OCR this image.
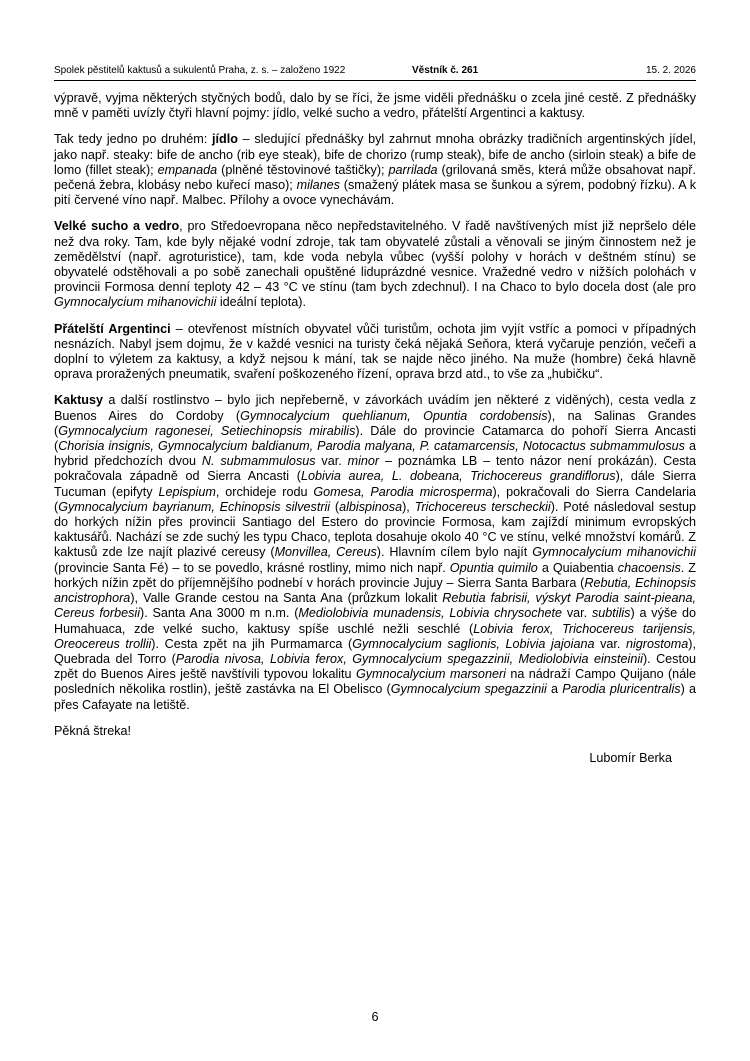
Spolek pěstitelů kaktusů a sukulentů Praha, z. s. – založeno 1922	Věstník č. 261	15. 2. 2026

výpravě, vyjma některých styčných bodů, dalo by se říci, že jsme viděli přednášku o zcela jiné cestě. Z přednášky mně v paměti uvízly čtyři hlavní pojmy: jídlo, velké sucho a vedro, přátelští Argentinci a kaktusy.

Tak tedy jedno po druhém: jídlo – sledující přednášky byl zahrnut mnoha obrázky tradičních argentinských jídel, jako např. steaky: bife de ancho (rib eye steak), bife de chorizo (rump steak), bife de ancho (sirloin steak) a bife de lomo (fillet steak); empanada (plněné těstovinové taštičky); parrilada (grilovaná směs, která může obsahovat např. pečená žebra, klobásy nebo kuřecí maso); milanes (smažený plátek masa se šunkou a sýrem, podobný řízku). A k pití červené víno např. Malbec. Přílohy a ovoce vynechávám.

Velké sucho a vedro, pro Středoevropana něco nepředstavitelného. V řadě navštívených míst již nepršelo déle než dva roky. Tam, kde byly nějaké vodní zdroje, tak tam obyvatelé zůstali a věnovali se jiným činnostem než je zemědělství (např. agroturistice), tam, kde voda nebyla vůbec (vyšší polohy v horách v deštném stínu) se obyvatelé odstěhovali a po sobě zanechali opuštěné liduprázdné vesnice. Vražedné vedro v nižších polohách v provincii Formosa denní teploty 42 – 43 °C ve stínu (tam bych zdechnul). I na Chaco to bylo docela dost (ale pro Gymnocalycium mihanovichii ideální teplota).

Přátelští Argentinci – otevřenost místních obyvatel vůči turistům, ochota jim vyjít vstříc a pomoci v případných nesnázích. Nabyl jsem dojmu, že v každé vesnici na turisty čeká nějaká Seňora, která vyčaruje penzión, večeři a doplní to výletem za kaktusy, a když nejsou k mání, tak se najde něco jiného. Na muže (hombre) čeká hlavně oprava proražených pneumatik, svaření poškozeného řízení, oprava brzd atd., to vše za „hubičku“.

Kaktusy a další rostlinstvo – bylo jich nepřeberně, v závorkách uvádím jen některé z viděných), cesta vedla z Buenos Aires do Cordoby (Gymnocalycium quehlianum, Opuntia cordobensis), na Salinas Grandes (Gymnocalycium ragonesei, Setiechinopsis mirabilis). Dále do provincie Catamarca do pohoří Sierra Ancasti (Chorisia insignis, Gymnocalycium baldianum, Parodia malyana, P. catamarcensis, Notocactus submammulosus a hybrid předchozích dvou N. submammulosus var. minor – poznámka LB – tento názor není prokázán). Cesta pokračovala západně od Sierra Ancasti (Lobivia aurea, L. dobeana, Trichocereus grandiflorus), dále Sierra Tucuman (epifyty Lepispium, orchideje rodu Gomesa, Parodia microsperma), pokračovali do Sierra Candelaria (Gymnocalycium bayrianum, Echinopsis silvestrii (albispinosa), Trichocereus terscheckii). Poté následoval sestup do horkých nížin přes provincii Santiago del Estero do provincie Formosa, kam zajíždí minimum evropských kaktusářů. Nachází se zde suchý les typu Chaco, teplota dosahuje okolo 40 °C ve stínu, velké množství komárů. Z kaktusů zde lze najít plazivé cereusy (Monvillea, Cereus). Hlavním cílem bylo najít Gymnocalycium mihanovichii (provincie Santa Fé) – to se povedlo, krásné rostliny, mimo nich např. Opuntia quimilo a Quiabentia chacoensis. Z horkých nížin zpět do příjemnějšího podnebí v horách provincie Jujuy – Sierra Santa Barbara (Rebutia, Echinopsis ancistrophora), Valle Grande cestou na Santa Ana (průzkum lokalit Rebutia fabrisii, výskyt Parodia saint-pieana, Cereus forbesii). Santa Ana 3000 m n.m. (Mediolobivia munadensis, Lobivia chrysochete var. subtilis) a výše do Humahuaca, zde velké sucho, kaktusy spíše uschlé nežli seschlé (Lobivia ferox, Trichocereus tarijensis, Oreocereus trollii). Cesta zpět na jih Purmamarca (Gymnocalycium saglionis, Lobivia jajoiana var. nigrostoma), Quebrada del Torro (Parodia nivosa, Lobivia ferox, Gymnocalycium spegazzinii, Mediolobivia einsteinii). Cestou zpět do Buenos Aires ještě navštívili typovou lokalitu Gymnocalycium marsoneri na nádraží Campo Quijano (nále posledních několika rostlin), ještě zastávka na El Obelisco (Gymnocalycium spegazzinii a Parodia pluricentralis) a přes Cafayate na letiště.

Pěkná štreka!

Lubomír Berka
6
